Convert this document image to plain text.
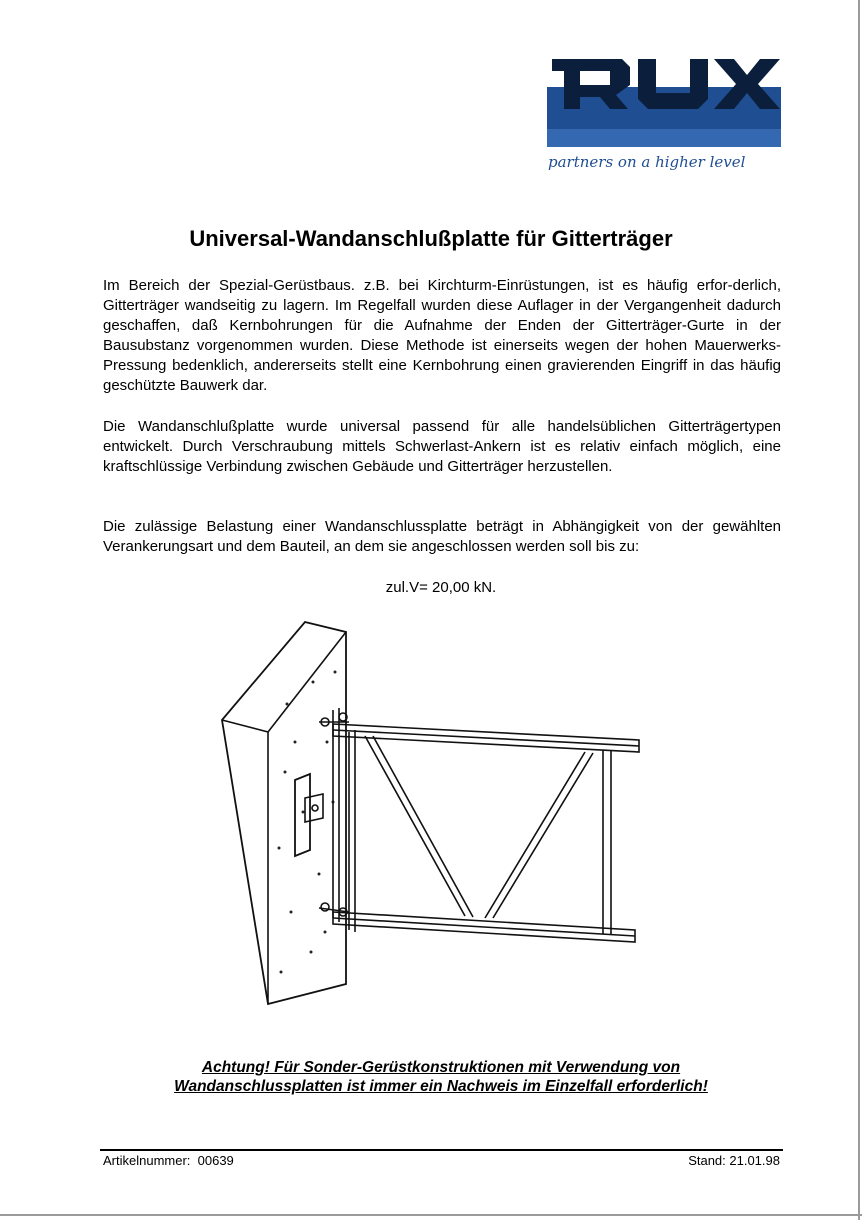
partners on a higher level
Universal-Wandanschlußplatte für Gitterträger

Im Bereich der Spezial-Gerüstbaus. z.B. bei Kirchturm-Einrüstungen, ist es häufig erfor-derlich, Gitterträger wandseitig zu lagern. Im Regelfall wurden diese Auflager in der Vergangenheit dadurch geschaffen, daß Kernbohrungen für die Aufnahme der Enden der Gitterträger-Gurte in der Bausubstanz vorgenommen wurden. Diese Methode ist einerseits wegen der hohen Mauerwerks-Pressung bedenklich, andererseits stellt eine Kernbohrung einen gravierenden Eingriff in das häufig geschützte Bauwerk dar.

Die Wandanschlußplatte wurde universal passend für alle handelsüblichen Gitterträgertypen entwickelt. Durch Verschraubung mittels Schwerlast-Ankern ist es relativ einfach möglich, eine kraftschlüssige Verbindung zwischen Gebäude und Gitterträger herzustellen.

Die zulässige Belastung einer Wandanschlussplatte beträgt in Abhängigkeit von der gewählten Verankerungsart und dem Bauteil, an dem sie angeschlossen werden soll bis zu:

zul.V= 20,00 kN.
Achtung! Für Sonder-Gerüstkonstruktionen mit Verwendung von
Wandanschlussplatten ist immer ein Nachweis im Einzelfall erforderlich!
Artikelnummer:  00639	Stand: 21.01.98
